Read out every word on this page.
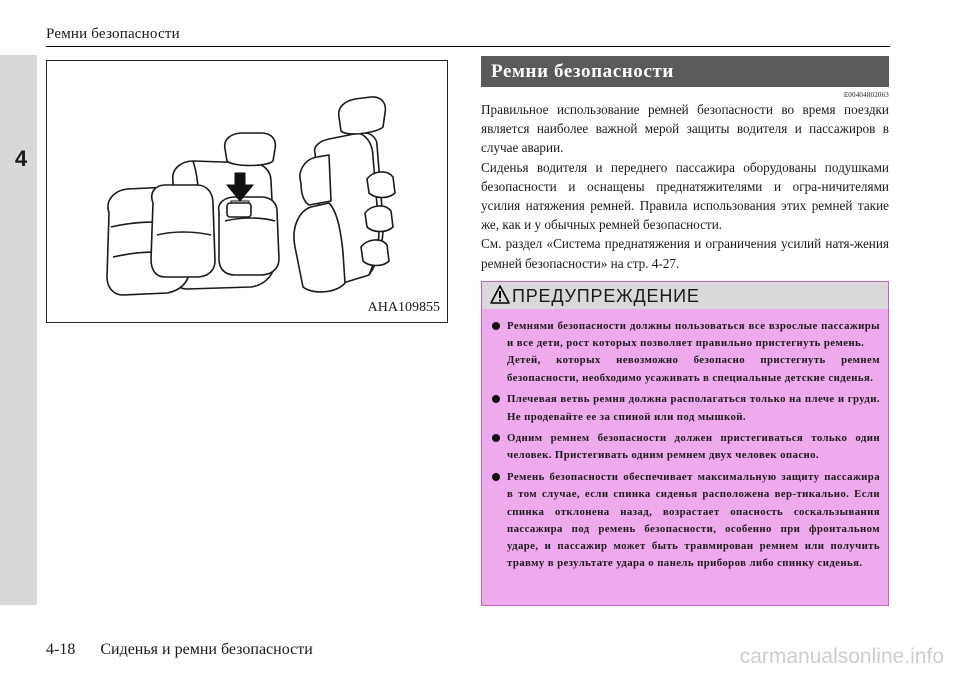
4
Ремни безопасности
AHA109855
Ремни безопасности
E00404802063

Правильное использование ремней безопасности во время поездки является наиболее важной мерой защиты водителя и пассажиров в случае аварии.

Сиденья водителя и переднего пассажира оборудованы подушками безопасности и оснащены преднатяжителями и огра-ничителями усилия натяжения ремней. Правила использования этих ремней такие же, как и у обычных ремней безопасности.

См. раздел «Система преднатяжения и ограничения усилий натя-жения ремней безопасности» на стр. 4-27.

ПРЕДУПРЕЖДЕНИЕ

Ремнями безопасности должны пользоваться все взрослые пассажиры и все дети, рост которых позволяет правильно пристегнуть ремень.

Детей, которых невозможно безопасно пристегнуть ремнем безопасности, необходимо усаживать в специальные детские сиденья.

Плечевая ветвь ремня должна располагаться только на плече и груди. Не продевайте ее за спиной или под мышкой.

Одним ремнем безопасности должен пристегиваться только один человек. Пристегивать одним ремнем двух человек опасно.

Ремень безопасности обеспечивает максимальную защиту пассажира в том случае, если спинка сиденья расположена вер-тикально. Если спинка отклонена назад, возрастает опасность соскальзывания пассажира под ремень безопасности, особенно при фронтальном ударе, и пассажир может быть травмирован ремнем или получить травму в результате удара о панель приборов либо спинку сиденья.

4-18 Сиденья и ремни безопасности	carmanualsonline.info
